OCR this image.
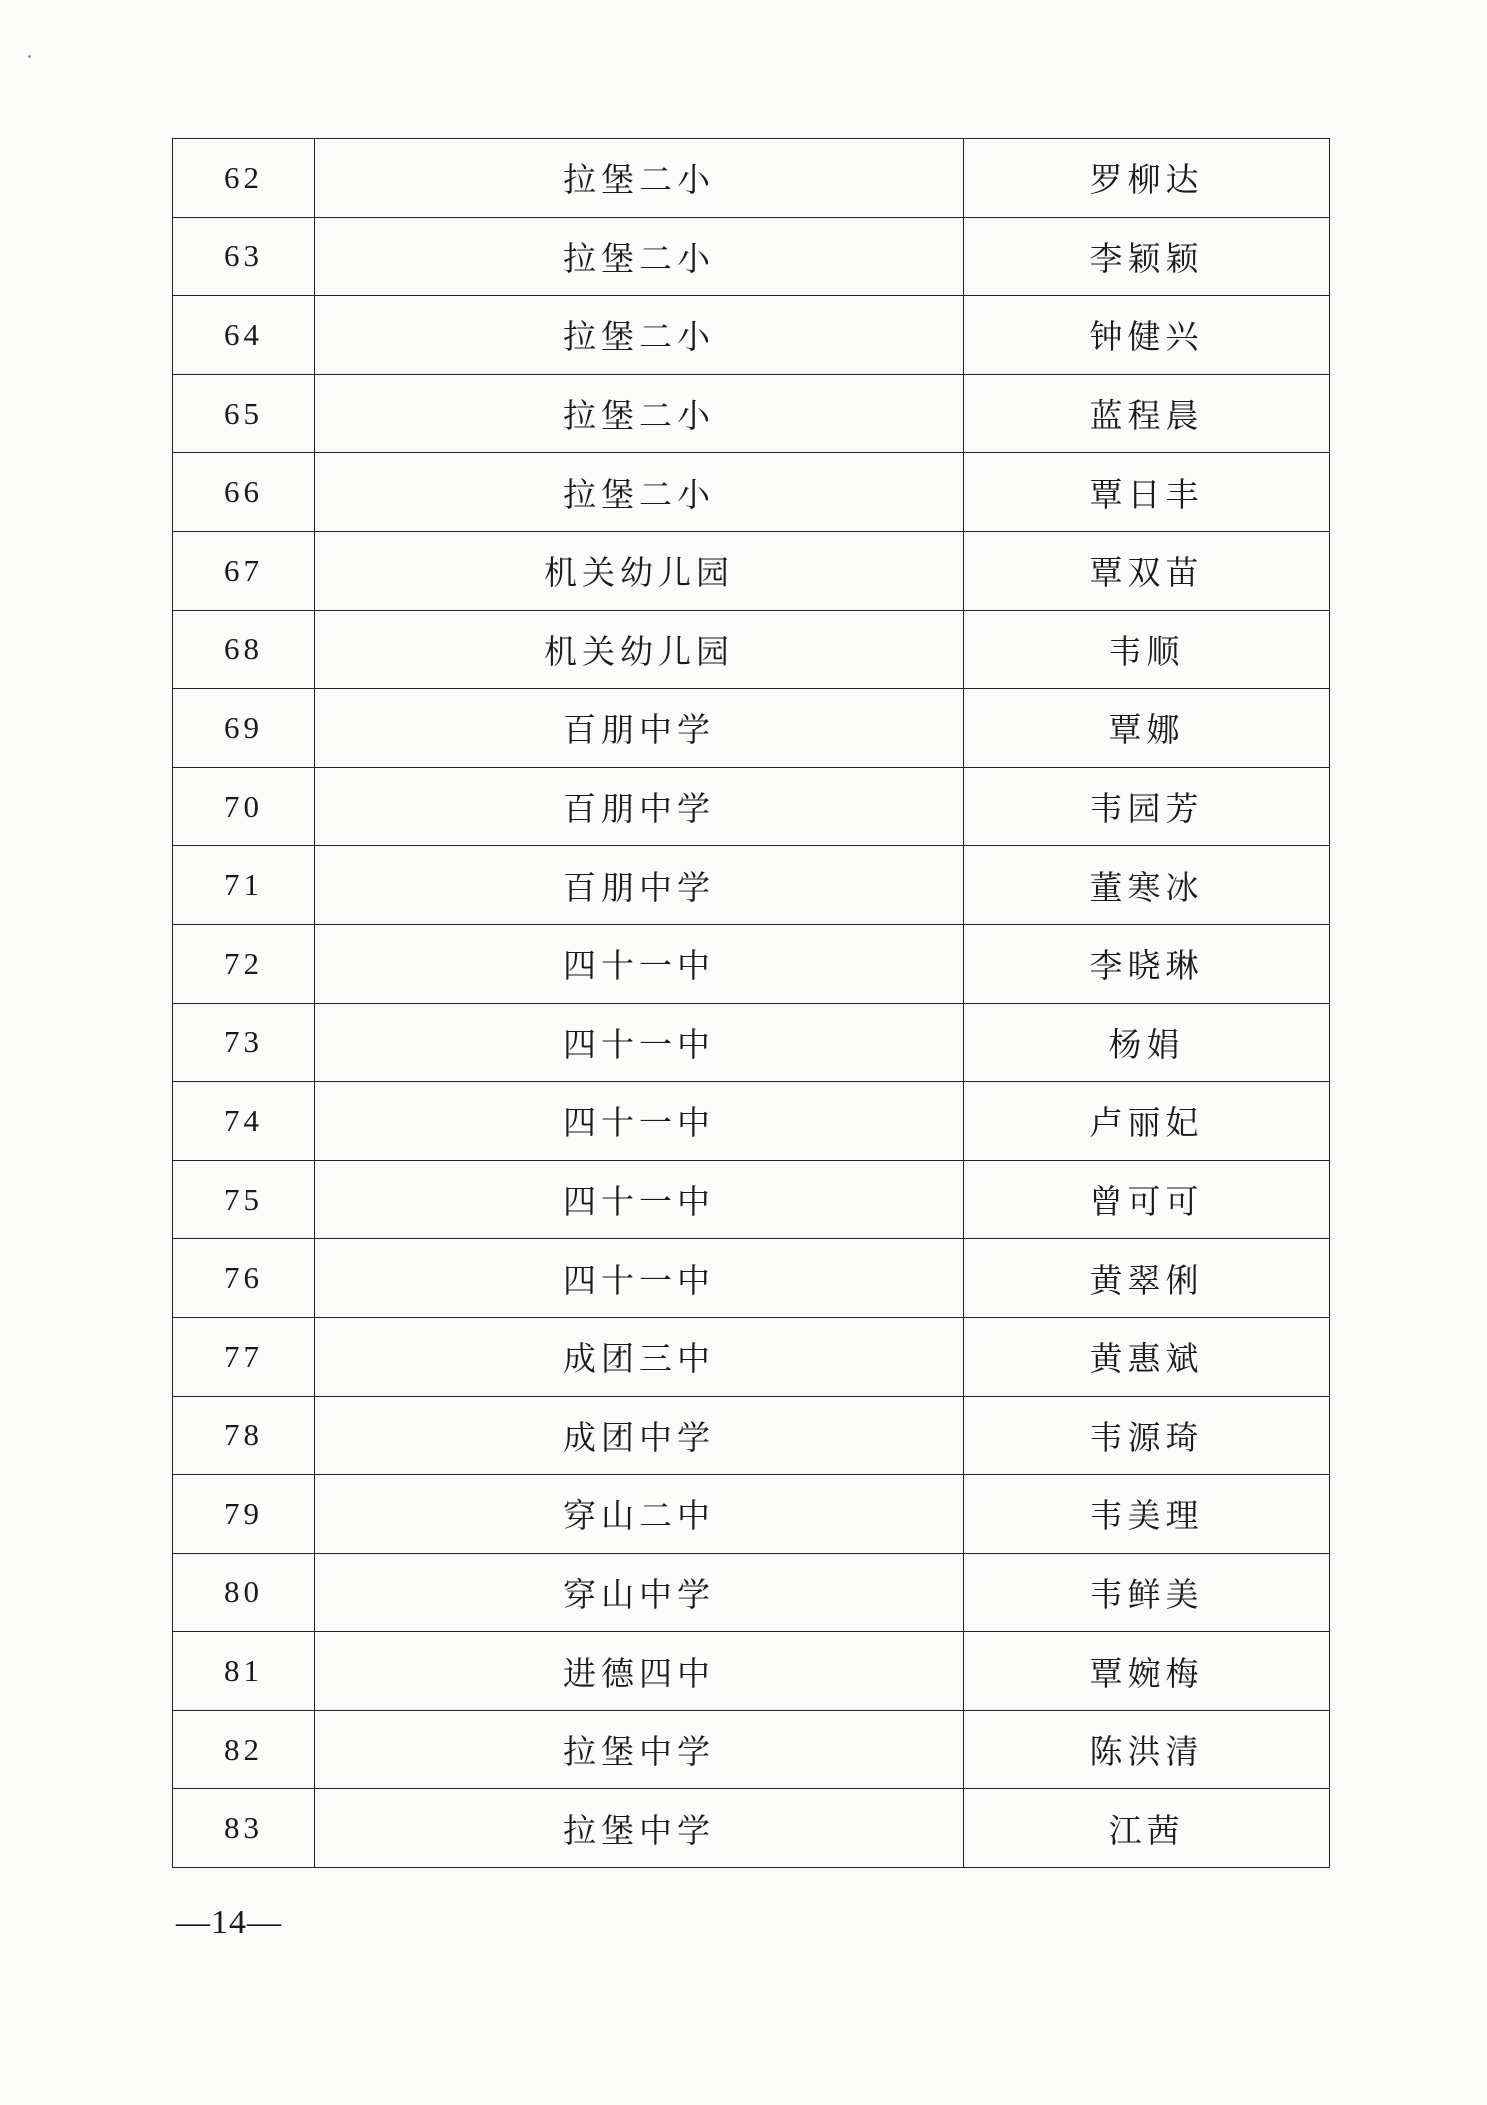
62	拉堡二小	罗柳达
63	拉堡二小	李颖颖
64	拉堡二小	钟健兴
65	拉堡二小	蓝程晨
66	拉堡二小	覃日丰
67	机关幼儿园	覃双苗
68	机关幼儿园	韦顺
69	百朋中学	覃娜
70	百朋中学	韦园芳
71	百朋中学	董寒冰
72	四十一中	李晓琳
73	四十一中	杨娟
74	四十一中	卢丽妃
75	四十一中	曾可可
76	四十一中	黄翠俐
77	成团三中	黄惠斌
78	成团中学	韦源琦
79	穿山二中	韦美理
80	穿山中学	韦鲜美
81	进德四中	覃婉梅
82	拉堡中学	陈洪清
83	拉堡中学	江茜
—14—
